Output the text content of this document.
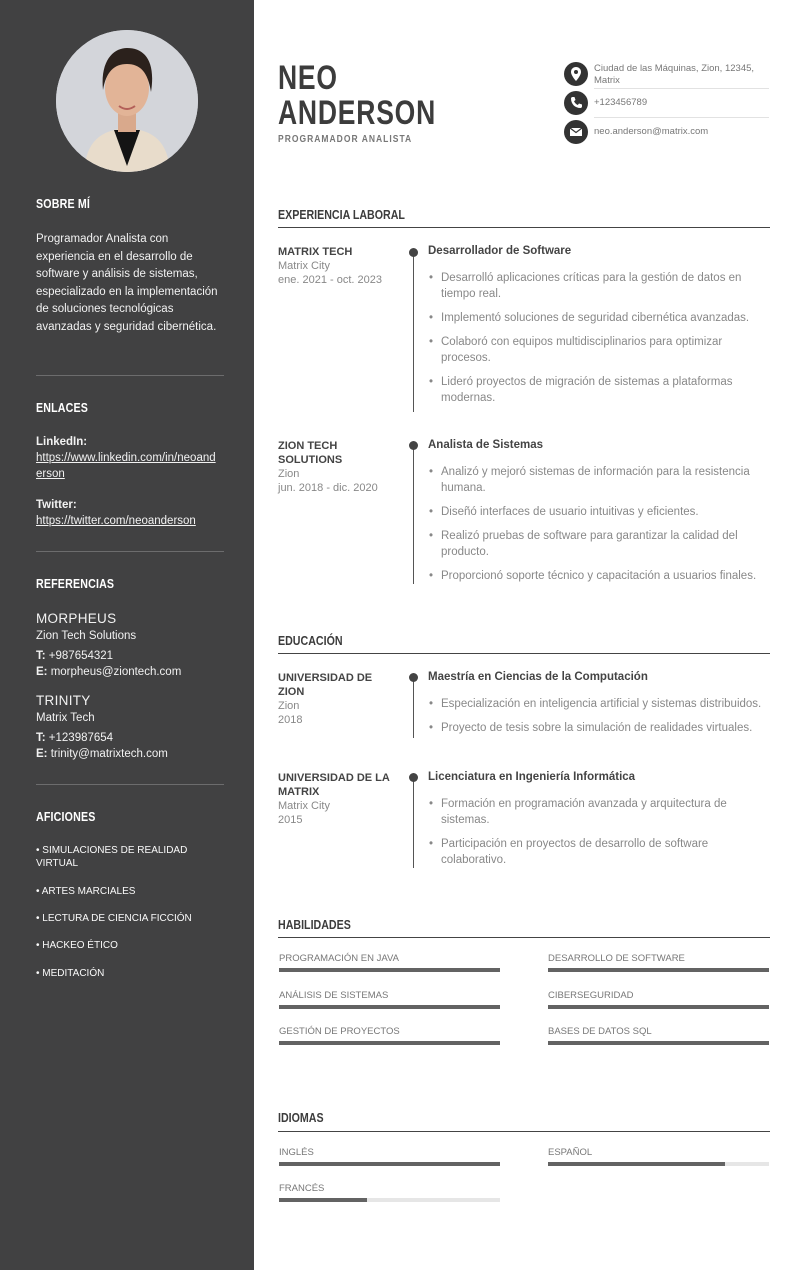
SOBRE MÍ
Programador Analista con experiencia en el desarrollo de software y análisis de sistemas, especializado en la implementación de soluciones tecnológicas avanzadas y seguridad cibernética.
ENLACES
LinkedIn:
https://www.linkedin.com/in/neoanderson
Twitter:
https://twitter.com/neoanderson
REFERENCIAS
MORPHEUS
Zion Tech Solutions
T: +987654321
E: morpheus@ziontech.com
TRINITY
Matrix Tech
T: +123987654
E: trinity@matrixtech.com
AFICIONES
• SIMULACIONES DE REALIDAD VIRTUAL
• ARTES MARCIALES
• LECTURA DE CIENCIA FICCIÓN
• HACKEO ÉTICO
• MEDITACIÓN
NEO
ANDERSON
PROGRAMADOR ANALISTA
Ciudad de las Máquinas, Zion, 12345, Matrix
+123456789
neo.anderson@matrix.com
EXPERIENCIA LABORAL
MATRIX TECH
Matrix City
ene. 2021 - oct. 2023
Desarrollador de Software
• Desarrolló aplicaciones críticas para la gestión de datos en tiempo real.
• Implementó soluciones de seguridad cibernética avanzadas.
• Colaboró con equipos multidisciplinarios para optimizar procesos.
• Lideró proyectos de migración de sistemas a plataformas modernas.
ZION TECH SOLUTIONS
Zion
jun. 2018 - dic. 2020
Analista de Sistemas
• Analizó y mejoró sistemas de información para la resistencia humana.
• Diseñó interfaces de usuario intuitivas y eficientes.
• Realizó pruebas de software para garantizar la calidad del producto.
• Proporcionó soporte técnico y capacitación a usuarios finales.
EDUCACIÓN
UNIVERSIDAD DE ZION
Zion
2018
Maestría en Ciencias de la Computación
• Especialización en inteligencia artificial y sistemas distribuidos.
• Proyecto de tesis sobre la simulación de realidades virtuales.
UNIVERSIDAD DE LA MATRIX
Matrix City
2015
Licenciatura en Ingeniería Informática
• Formación en programación avanzada y arquitectura de sistemas.
• Participación en proyectos de desarrollo de software colaborativo.
HABILIDADES
PROGRAMACIÓN EN JAVA	DESARROLLO DE SOFTWARE
ANÁLISIS DE SISTEMAS	CIBERSEGURIDAD
GESTIÓN DE PROYECTOS	BASES DE DATOS SQL
IDIOMAS
INGLÉS	ESPAÑOL
FRANCÉS
